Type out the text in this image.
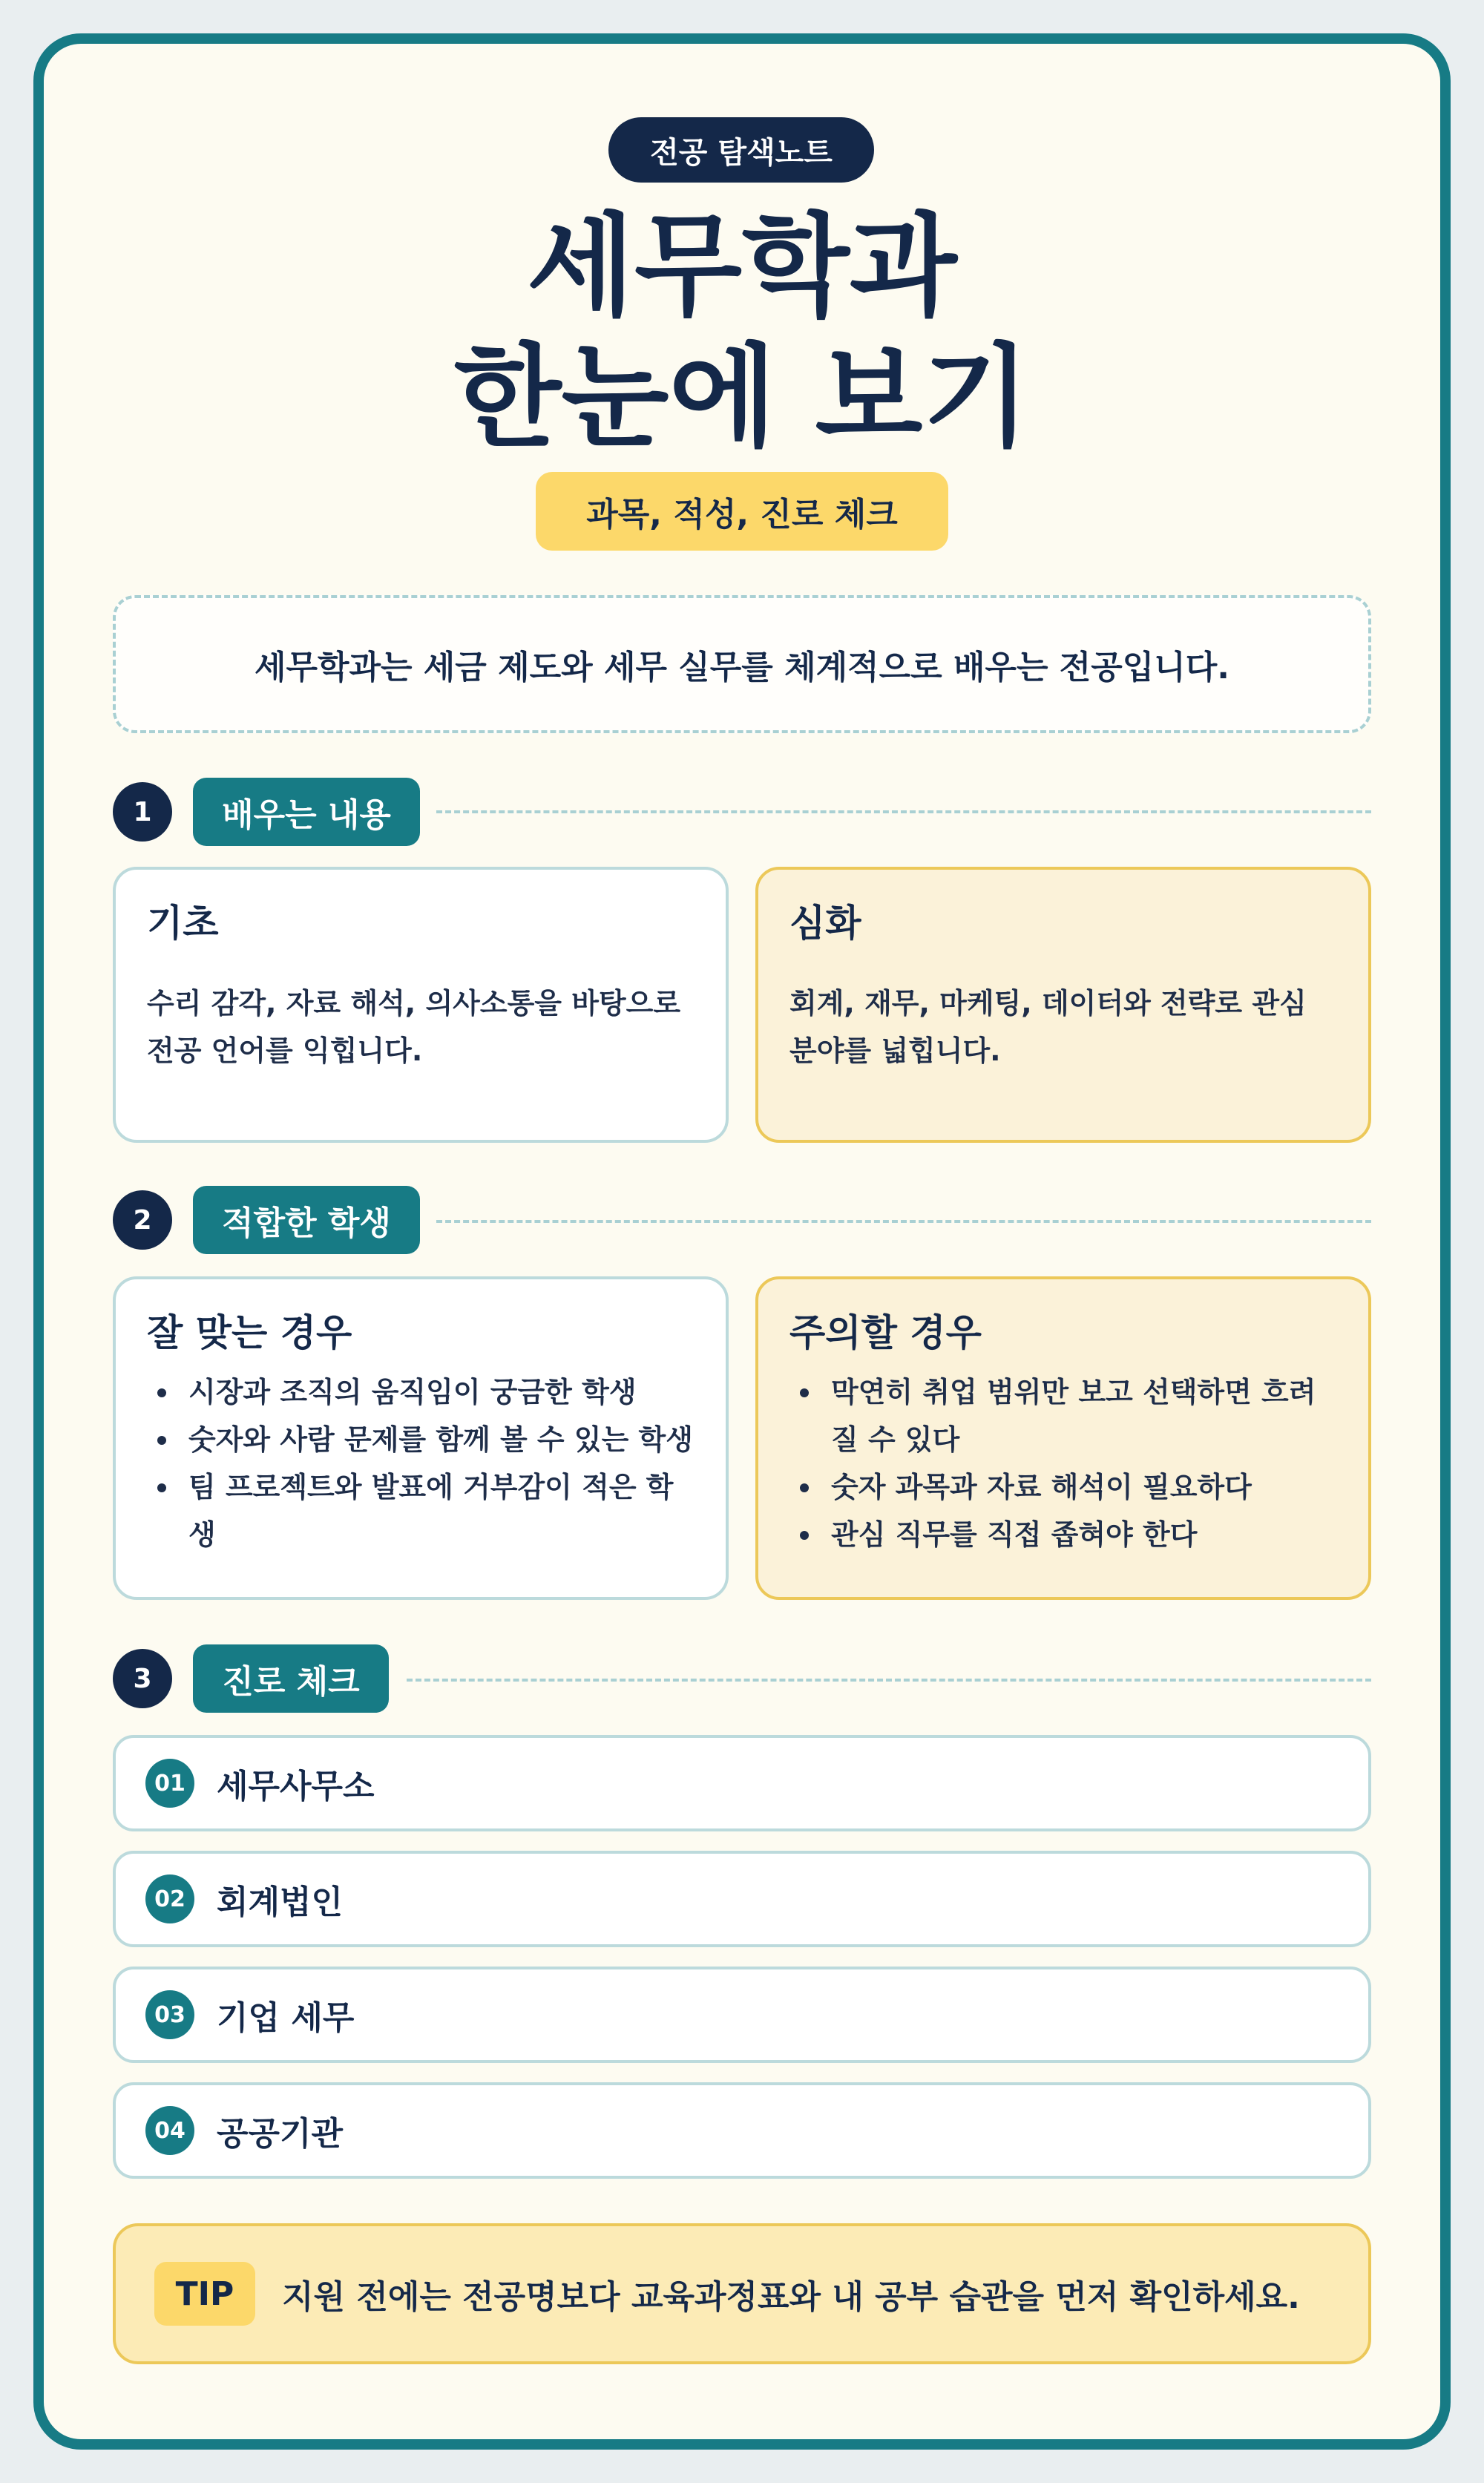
전공 탐색노트
세무학과
한눈에 보기
과목, 적성, 진로 체크
세무학과는 세금 제도와 세무 실무를 체계적으로 배우는 전공입니다.
1	배우는 내용
기초
수리 감각, 자료 해석, 의사소통을 바탕으로 전공 언어를 익힙니다.
심화
회계, 재무, 마케팅, 데이터와 전략로 관심 분야를 넓힙니다.
2	적합한 학생
잘 맞는 경우
시장과 조직의 움직임이 궁금한 학생
숫자와 사람 문제를 함께 볼 수 있는 학생
팀 프로젝트와 발표에 거부감이 적은 학생
주의할 경우
막연히 취업 범위만 보고 선택하면 흐려질 수 있다
숫자 과목과 자료 해석이 필요하다
관심 직무를 직접 좁혀야 한다
3	진로 체크
01 세무사무소
02 회계법인
03 기업 세무
04 공공기관
TIP	지원 전에는 전공명보다 교육과정표와 내 공부 습관을 먼저 확인하세요.
